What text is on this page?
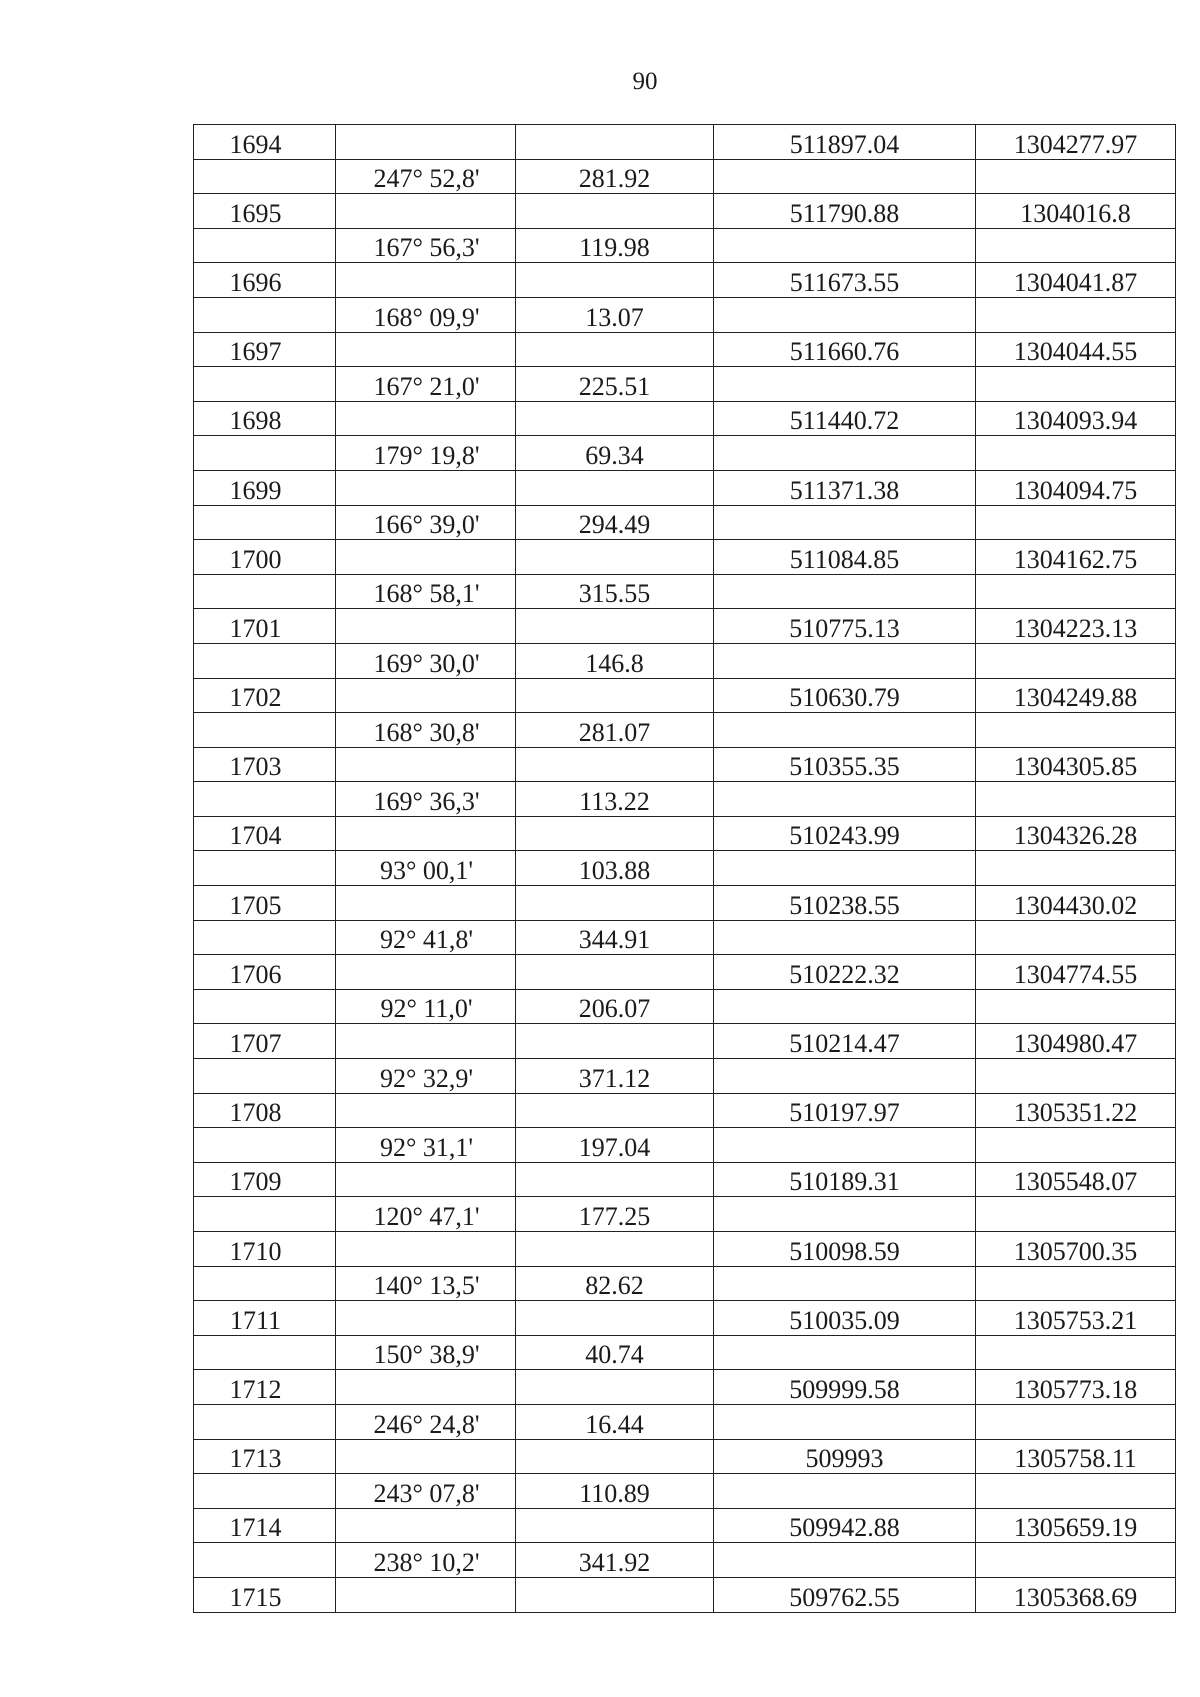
90
1694			511897.04	1304277.97
	247° 52,8'	281.92		
1695			511790.88	1304016.8
	167° 56,3'	119.98		
1696			511673.55	1304041.87
	168° 09,9'	13.07		
1697			511660.76	1304044.55
	167° 21,0'	225.51		
1698			511440.72	1304093.94
	179° 19,8'	69.34		
1699			511371.38	1304094.75
	166° 39,0'	294.49		
1700			511084.85	1304162.75
	168° 58,1'	315.55		
1701			510775.13	1304223.13
	169° 30,0'	146.8		
1702			510630.79	1304249.88
	168° 30,8'	281.07		
1703			510355.35	1304305.85
	169° 36,3'	113.22		
1704			510243.99	1304326.28
	93° 00,1'	103.88		
1705			510238.55	1304430.02
	92° 41,8'	344.91		
1706			510222.32	1304774.55
	92° 11,0'	206.07		
1707			510214.47	1304980.47
	92° 32,9'	371.12		
1708			510197.97	1305351.22
	92° 31,1'	197.04		
1709			510189.31	1305548.07
	120° 47,1'	177.25		
1710			510098.59	1305700.35
	140° 13,5'	82.62		
1711			510035.09	1305753.21
	150° 38,9'	40.74		
1712			509999.58	1305773.18
	246° 24,8'	16.44		
1713			509993	1305758.11
	243° 07,8'	110.89		
1714			509942.88	1305659.19
	238° 10,2'	341.92		
1715			509762.55	1305368.69
